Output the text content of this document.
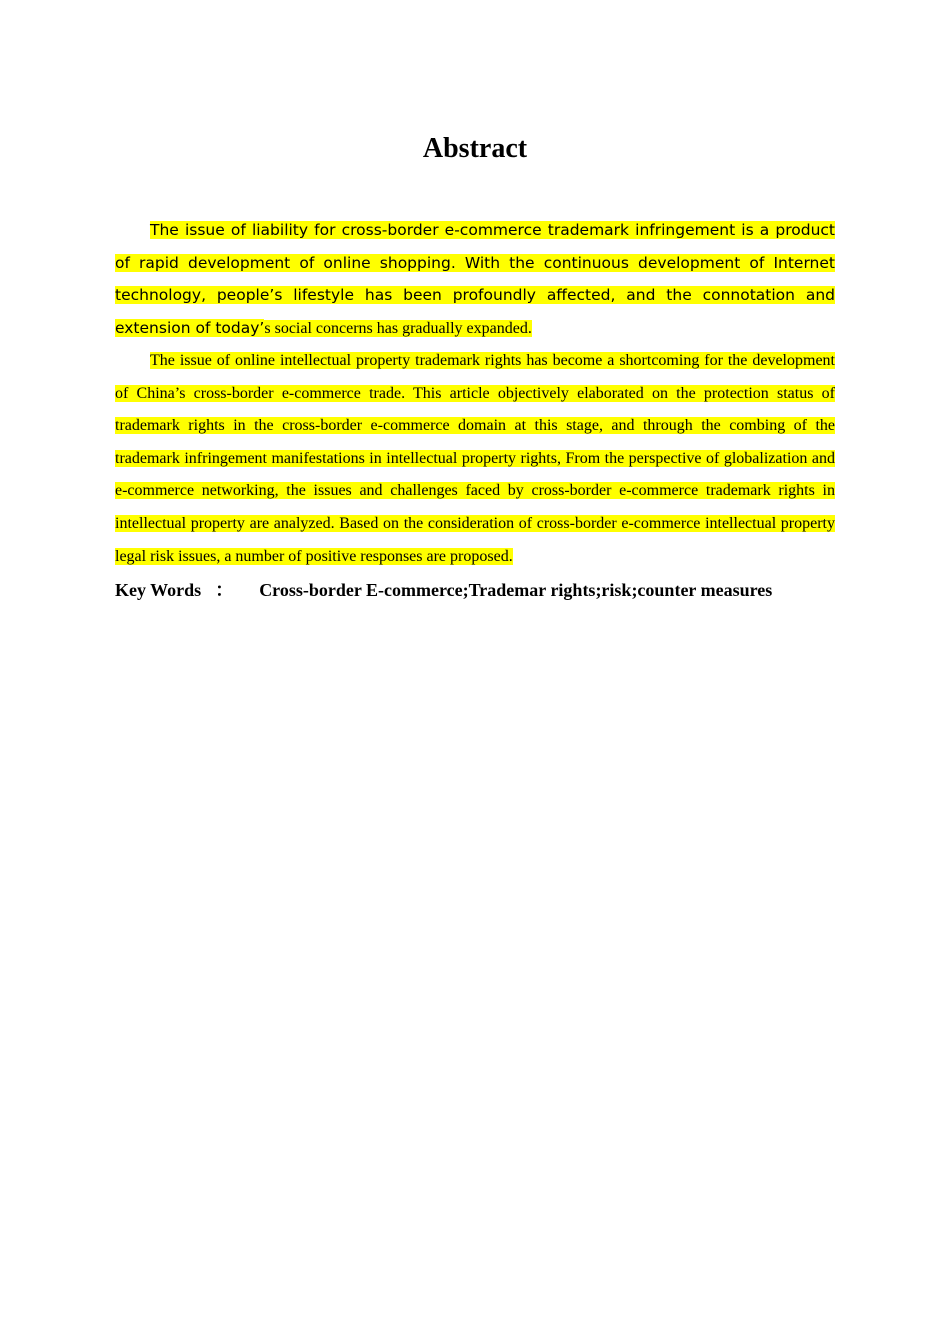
Abstract
The issue of liability for cross-border e-commerce trademark infringement is a product of rapid development of online shopping. With the continuous development of Internet technology, people’s lifestyle has been profoundly affected, and the connotation and extension of today’s social concerns has gradually expanded.
The issue of online intellectual property trademark rights has become a shortcoming for the development of China’s cross-border e-commerce trade. This article objectively elaborated on the protection status of trademark rights in the cross-border e-commerce domain at this stage, and through the combing of the trademark infringement manifestations in intellectual property rights, From the perspective of globalization and e-commerce networking, the issues and challenges faced by cross-border e-commerce trademark rights in intellectual property are analyzed. Based on the consideration of cross-border e-commerce intellectual property legal risk issues, a number of positive responses are proposed.
Key Words ： Cross-border E-commerce;Trademar rights;risk;counter measures
